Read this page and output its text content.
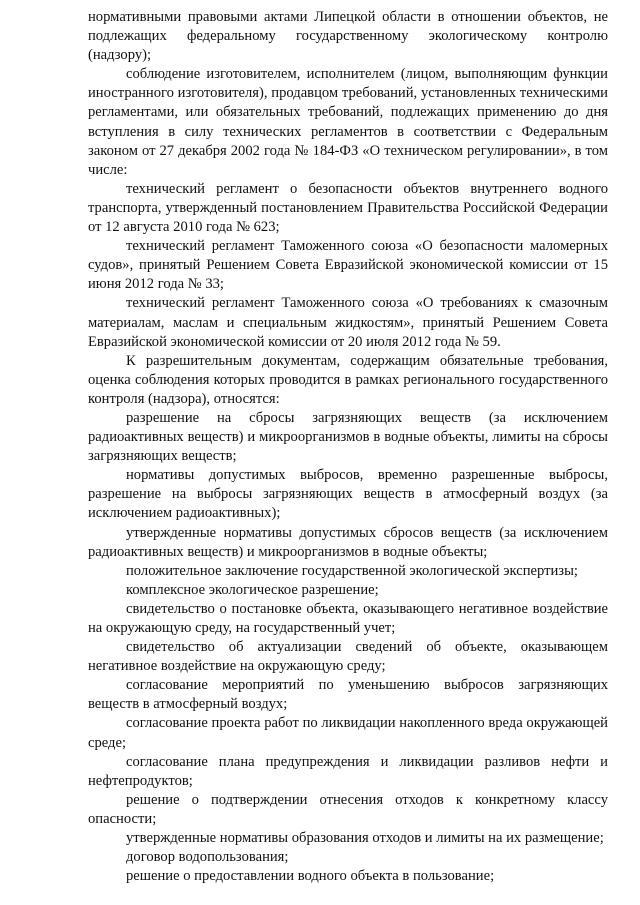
нормативными правовыми актами Липецкой области в отношении объектов, не подлежащих федеральному государственному экологическому контролю (надзору);

соблюдение изготовителем, исполнителем (лицом, выполняющим функции иностранного изготовителя), продавцом требований, установленных техническими регламентами, или обязательных требований, подлежащих применению до дня вступления в силу технических регламентов в соответствии с Федеральным законом от 27 декабря 2002 года № 184-ФЗ «О техническом регулировании», в том числе:

технический регламент о безопасности объектов внутреннего водного транспорта, утвержденный постановлением Правительства Российской Федерации от 12 августа 2010 года № 623;

технический регламент Таможенного союза «О безопасности маломерных судов», принятый Решением Совета Евразийской экономической комиссии от 15 июня 2012 года № 33;

технический регламент Таможенного союза «О требованиях к смазочным материалам, маслам и специальным жидкостям», принятый Решением Совета Евразийской экономической комиссии от 20 июля 2012 года № 59.

К разрешительным документам, содержащим обязательные требования, оценка соблюдения которых проводится в рамках регионального государственного контроля (надзора), относятся:

разрешение на сбросы загрязняющих веществ (за исключением радиоактивных веществ) и микроорганизмов в водные объекты, лимиты на сбросы загрязняющих веществ;

нормативы допустимых выбросов, временно разрешенные выбросы, разрешение на выбросы загрязняющих веществ в атмосферный воздух (за исключением радиоактивных);

утвержденные нормативы допустимых сбросов веществ (за исключением радиоактивных веществ) и микроорганизмов в водные объекты;

положительное заключение государственной экологической экспертизы;

комплексное экологическое разрешение;

свидетельство о постановке объекта, оказывающего негативное воздействие на окружающую среду, на государственный учет;

свидетельство об актуализации сведений об объекте, оказывающем негативное воздействие на окружающую среду;

согласование мероприятий по уменьшению выбросов загрязняющих веществ в атмосферный воздух;

согласование проекта работ по ликвидации накопленного вреда окружающей среде;

согласование плана предупреждения и ликвидации разливов нефти и нефтепродуктов;

решение о подтверждении отнесения отходов к конкретному классу опасности;

утвержденные нормативы образования отходов и лимиты на их размещение;

договор водопользования;

решение о предоставлении водного объекта в пользование;
